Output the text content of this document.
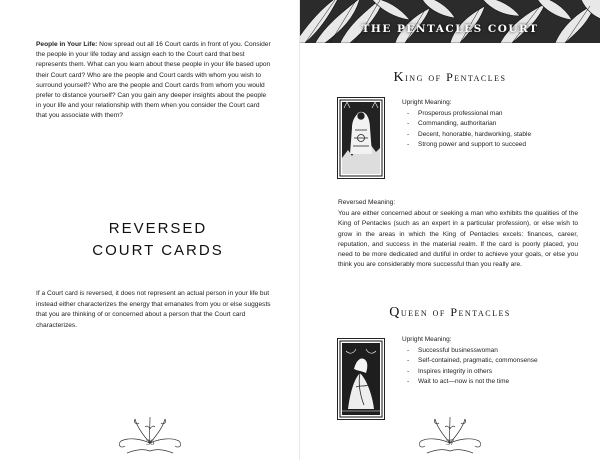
People in Your Life: Now spread out all 16 Court cards in front of you. Consider the people in your life today and assign each to the Court card that best represents them. What can you learn about these people in your life based upon their Court card? Who are the people and Court cards with whom you wish to surround yourself? Who are the people and Court cards from whom you would prefer to distance yourself? Can you gain any deeper insights about the people in your life and your relationship with them when you consider the Court card that you associate with them?

REVERSED
COURT CARDS

If a Court card is reversed, it does not represent an actual person in your life but instead either characterizes the energy that emanates from you or else suggests that you are thinking of or concerned about a person that the Court card characterizes.

36
THE PENTACLES COURT
King of Pentacles
Upright Meaning:
- Prosperous professional man
- Commanding, authoritarian
- Decent, honorable, hardworking, stable
- Strong power and support to succeed
Reversed Meaning:

You are either concerned about or seeking a man who exhibits the qualities of the King of Pentacles (such as an expert in a particular profession), or else wish to grow in the areas in which the King of Pentacles excels: finances, career, reputation, and success in the material realm. If the card is poorly placed, you need to be more dedicated and dutiful in order to achieve your goals, or else you think you are considerably more successful than you really are.

Queen of Pentacles
Upright Meaning:
- Successful businesswoman
- Self-contained, pragmatic, commonsense
- Inspires integrity in others
- Wait to act—now is not the time
37
